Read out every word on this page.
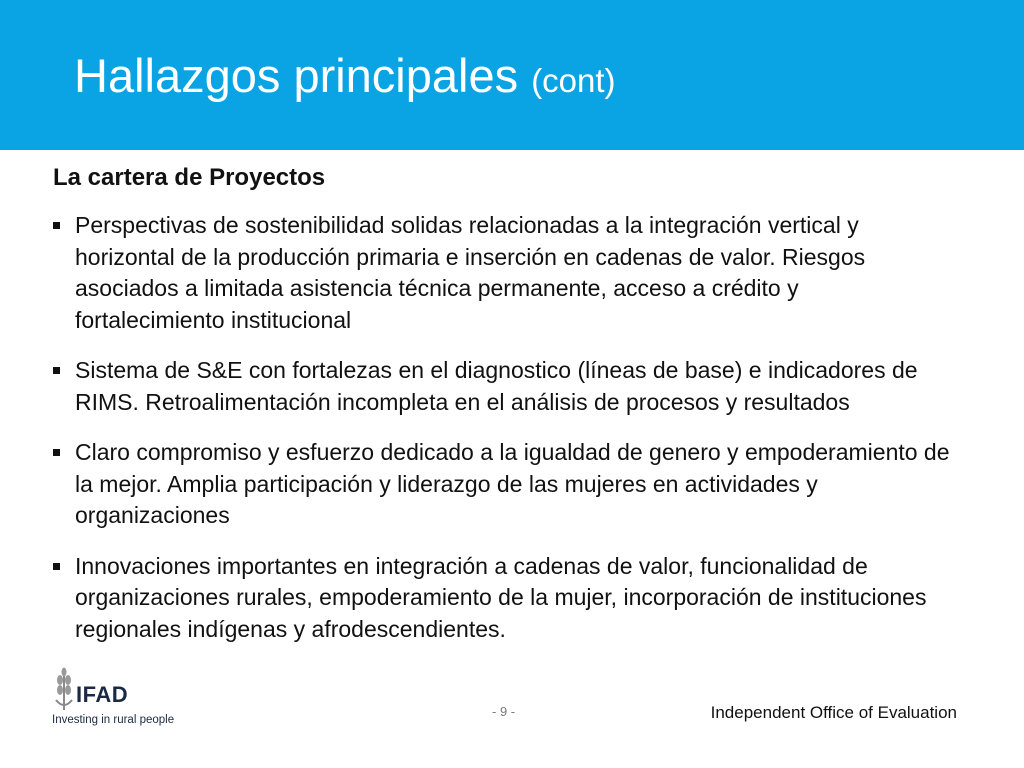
Hallazgos principales (cont)
La cartera de Proyectos
Perspectivas de sostenibilidad solidas relacionadas a la integración vertical y horizontal de la producción primaria e inserción en cadenas de valor. Riesgos asociados a limitada asistencia técnica permanente, acceso a crédito y fortalecimiento institucional
Sistema de S&E con fortalezas en el diagnostico (líneas de base) e indicadores de RIMS. Retroalimentación incompleta en el análisis de procesos y resultados
Claro compromiso y esfuerzo dedicado a la igualdad de genero y empoderamiento de la mejor. Amplia participación y liderazgo de las mujeres en actividades y organizaciones
Innovaciones importantes en integración a cadenas de valor, funcionalidad de organizaciones rurales, empoderamiento de la mujer, incorporación de instituciones regionales indígenas y afrodescendientes.
IFAD
Investing in rural people
- 9 -	Independent Office of Evaluation
